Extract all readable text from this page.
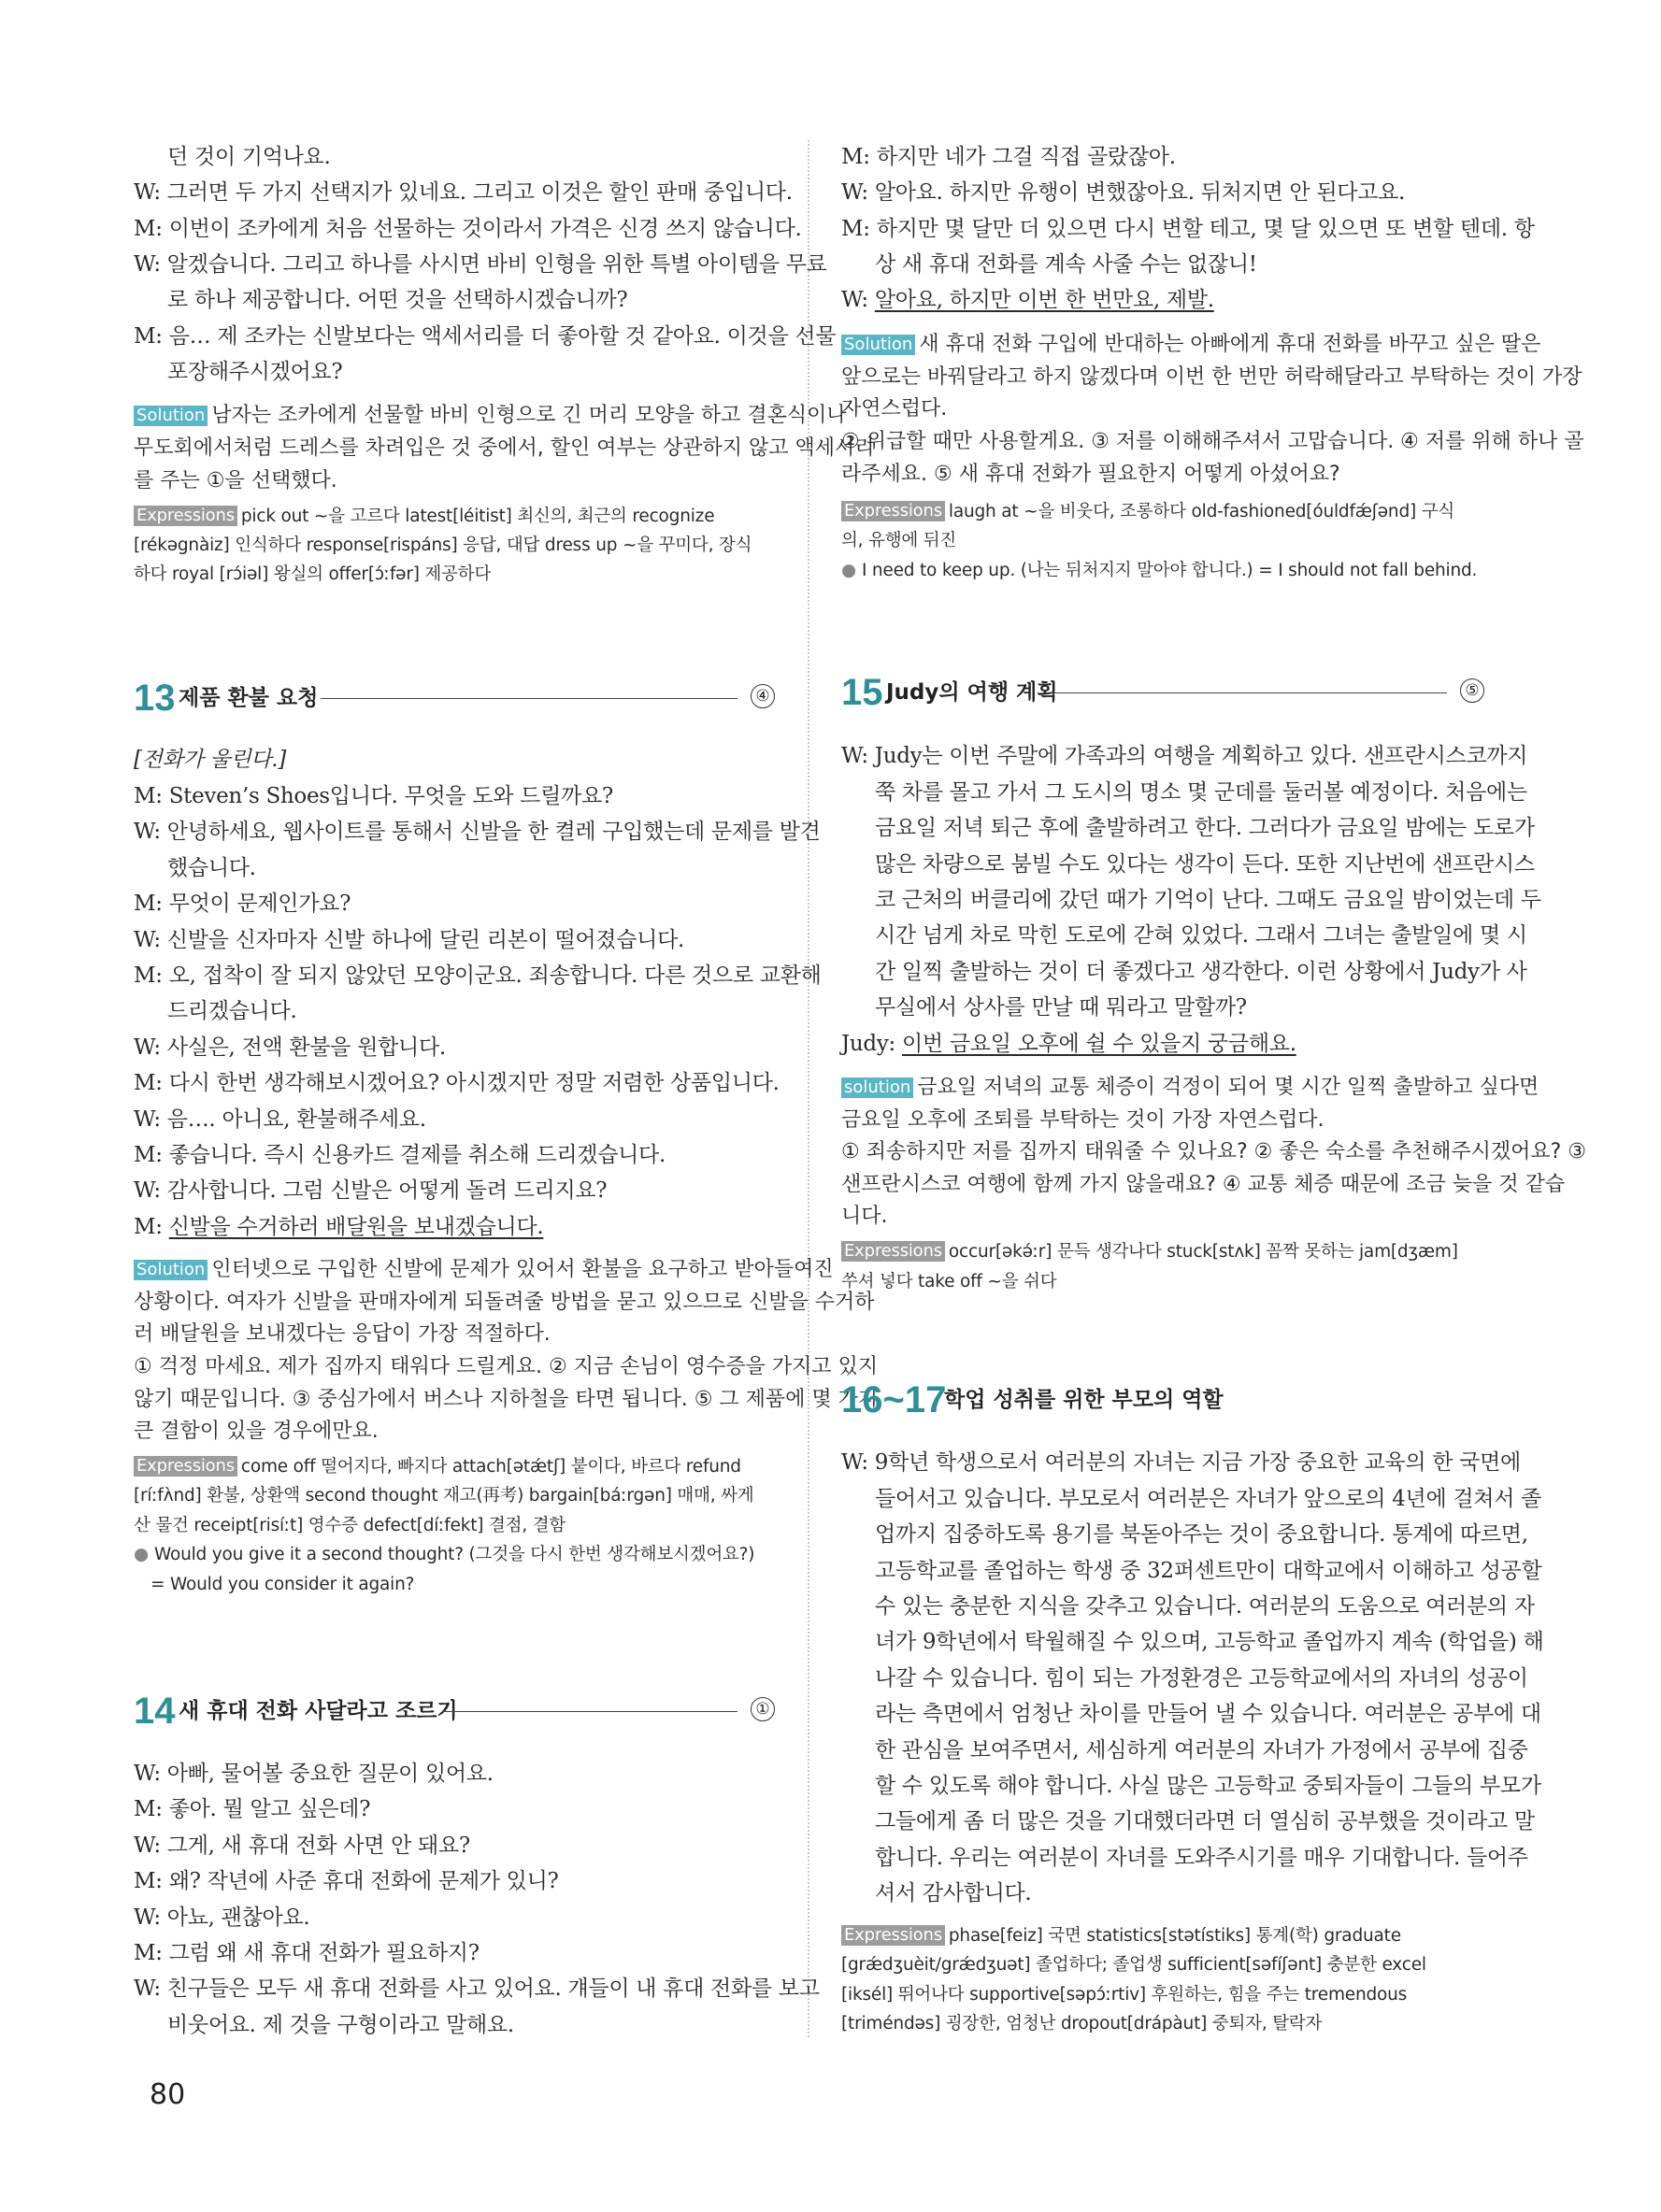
던 것이 기억나요.
W: 그러면 두 가지 선택지가 있네요. 그리고 이것은 할인 판매 중입니다.
M: 이번이 조카에게 처음 선물하는 것이라서 가격은 신경 쓰지 않습니다.
W: 알겠습니다. 그리고 하나를 사시면 바비 인형을 위한 특별 아이템을 무료
로 하나 제공합니다. 어떤 것을 선택하시겠습니까?
M: 음… 제 조카는 신발보다는 액세서리를 더 좋아할 것 같아요. 이것을 선물
포장해주시겠어요?
Solution 남자는 조카에게 선물할 바비 인형으로 긴 머리 모양을 하고 결혼식이나
무도회에서처럼 드레스를 차려입은 것 중에서, 할인 여부는 상관하지 않고 액세서리
를 주는 ①을 선택했다.
Expressions pick out ~을 고르다 latest[léitist] 최신의, 최근의 recognize
[rékəgnàiz] 인식하다 response[rispáns] 응답, 대답 dress up ~을 꾸미다, 장식
하다 royal [rɔ́iəl] 왕실의 offer[ɔ́ːfər] 제공하다
13 제품 환불 요청	④
[전화가 울린다.]
M: Steven’s Shoes입니다. 무엇을 도와 드릴까요?
W: 안녕하세요, 웹사이트를 통해서 신발을 한 켤레 구입했는데 문제를 발견
했습니다.
M: 무엇이 문제인가요?
W: 신발을 신자마자 신발 하나에 달린 리본이 떨어졌습니다.
M: 오, 접착이 잘 되지 않았던 모양이군요. 죄송합니다. 다른 것으로 교환해
드리겠습니다.
W: 사실은, 전액 환불을 원합니다.
M: 다시 한번 생각해보시겠어요? 아시겠지만 정말 저렴한 상품입니다.
W: 음…. 아니요, 환불해주세요.
M: 좋습니다. 즉시 신용카드 결제를 취소해 드리겠습니다.
W: 감사합니다. 그럼 신발은 어떻게 돌려 드리지요?
M: 신발을 수거하러 배달원을 보내겠습니다.
Solution 인터넷으로 구입한 신발에 문제가 있어서 환불을 요구하고 받아들여진
상황이다. 여자가 신발을 판매자에게 되돌려줄 방법을 묻고 있으므로 신발을 수거하
러 배달원을 보내겠다는 응답이 가장 적절하다.
① 걱정 마세요. 제가 집까지 태워다 드릴게요. ② 지금 손님이 영수증을 가지고 있지
않기 때문입니다. ③ 중심가에서 버스나 지하철을 타면 됩니다. ⑤ 그 제품에 몇 가지
큰 결함이 있을 경우에만요.
Expressions come off 떨어지다, 빠지다 attach[ətǽtʃ] 붙이다, 바르다 refund
[ríːfʌ̀nd] 환불, 상환액 second thought 재고(再考) bargain[báːrgən] 매매, 싸게
산 물건 receipt[risíːt] 영수증 defect[díːfekt] 결점, 결함
● Would you give it a second thought? (그것을 다시 한번 생각해보시겠어요?)
= Would you consider it again?
14 새 휴대 전화 사달라고 조르기	①
W: 아빠, 물어볼 중요한 질문이 있어요.
M: 좋아. 뭘 알고 싶은데?
W: 그게, 새 휴대 전화 사면 안 돼요?
M: 왜? 작년에 사준 휴대 전화에 문제가 있니?
W: 아뇨, 괜찮아요.
M: 그럼 왜 새 휴대 전화가 필요하지?
W: 친구들은 모두 새 휴대 전화를 사고 있어요. 걔들이 내 휴대 전화를 보고
비웃어요. 제 것을 구형이라고 말해요.
M: 하지만 네가 그걸 직접 골랐잖아.
W: 알아요. 하지만 유행이 변했잖아요. 뒤처지면 안 된다고요.
M: 하지만 몇 달만 더 있으면 다시 변할 테고, 몇 달 있으면 또 변할 텐데. 항
상 새 휴대 전화를 계속 사줄 수는 없잖니!
W: 알아요, 하지만 이번 한 번만요, 제발.
Solution 새 휴대 전화 구입에 반대하는 아빠에게 휴대 전화를 바꾸고 싶은 딸은
앞으로는 바꿔달라고 하지 않겠다며 이번 한 번만 허락해달라고 부탁하는 것이 가장
자연스럽다.
② 위급할 때만 사용할게요. ③ 저를 이해해주셔서 고맙습니다. ④ 저를 위해 하나 골
라주세요. ⑤ 새 휴대 전화가 필요한지 어떻게 아셨어요?
Expressions laugh at ~을 비웃다, 조롱하다 old-fashioned[óuldfǽʃənd] 구식
의, 유행에 뒤진
● I need to keep up. (나는 뒤처지지 말아야 합니다.) = I should not fall behind.
15 Judy의 여행 계획	⑤
W: Judy는 이번 주말에 가족과의 여행을 계획하고 있다. 샌프란시스코까지
쭉 차를 몰고 가서 그 도시의 명소 몇 군데를 둘러볼 예정이다. 처음에는
금요일 저녁 퇴근 후에 출발하려고 한다. 그러다가 금요일 밤에는 도로가
많은 차량으로 붐빌 수도 있다는 생각이 든다. 또한 지난번에 샌프란시스
코 근처의 버클리에 갔던 때가 기억이 난다. 그때도 금요일 밤이었는데 두
시간 넘게 차로 막힌 도로에 갇혀 있었다. 그래서 그녀는 출발일에 몇 시
간 일찍 출발하는 것이 더 좋겠다고 생각한다. 이런 상황에서 Judy가 사
무실에서 상사를 만날 때 뭐라고 말할까?
Judy: 이번 금요일 오후에 쉴 수 있을지 궁금해요.
solution 금요일 저녁의 교통 체증이 걱정이 되어 몇 시간 일찍 출발하고 싶다면
금요일 오후에 조퇴를 부탁하는 것이 가장 자연스럽다.
① 죄송하지만 저를 집까지 태워줄 수 있나요? ② 좋은 숙소를 추천해주시겠어요? ③
샌프란시스코 여행에 함께 가지 않을래요? ④ 교통 체증 때문에 조금 늦을 것 같습
니다.
Expressions occur[əkə́ːr] 문득 생각나다 stuck[stʌk] 꼼짝 못하는 jam[dʒæm]
쑤셔 넣다 take off ~을 쉬다
16~17
학업 성취를 위한 부모의 역할
W: 9학년 학생으로서 여러분의 자녀는 지금 가장 중요한 교육의 한 국면에
들어서고 있습니다. 부모로서 여러분은 자녀가 앞으로의 4년에 걸쳐서 졸
업까지 집중하도록 용기를 북돋아주는 것이 중요합니다. 통계에 따르면,
고등학교를 졸업하는 학생 중 32퍼센트만이 대학교에서 이해하고 성공할
수 있는 충분한 지식을 갖추고 있습니다. 여러분의 도움으로 여러분의 자
녀가 9학년에서 탁월해질 수 있으며, 고등학교 졸업까지 계속 (학업을) 해
나갈 수 있습니다. 힘이 되는 가정환경은 고등학교에서의 자녀의 성공이
라는 측면에서 엄청난 차이를 만들어 낼 수 있습니다. 여러분은 공부에 대
한 관심을 보여주면서, 세심하게 여러분의 자녀가 가정에서 공부에 집중
할 수 있도록 해야 합니다. 사실 많은 고등학교 중퇴자들이 그들의 부모가
그들에게 좀 더 많은 것을 기대했더라면 더 열심히 공부했을 것이라고 말
합니다. 우리는 여러분이 자녀를 도와주시기를 매우 기대합니다. 들어주
셔서 감사합니다.
Expressions phase[feiz] 국면 statistics[stətístiks] 통계(학) graduate
[grǽdʒuèit/grǽdʒuət] 졸업하다; 졸업생 sufficient[səfíʃənt] 충분한 excel
[iksél] 뛰어나다 supportive[səpɔ́ːrtiv] 후원하는, 힘을 주는 tremendous
[triméndəs] 굉장한, 엄청난 dropout[drápàut] 중퇴자, 탈락자
80
